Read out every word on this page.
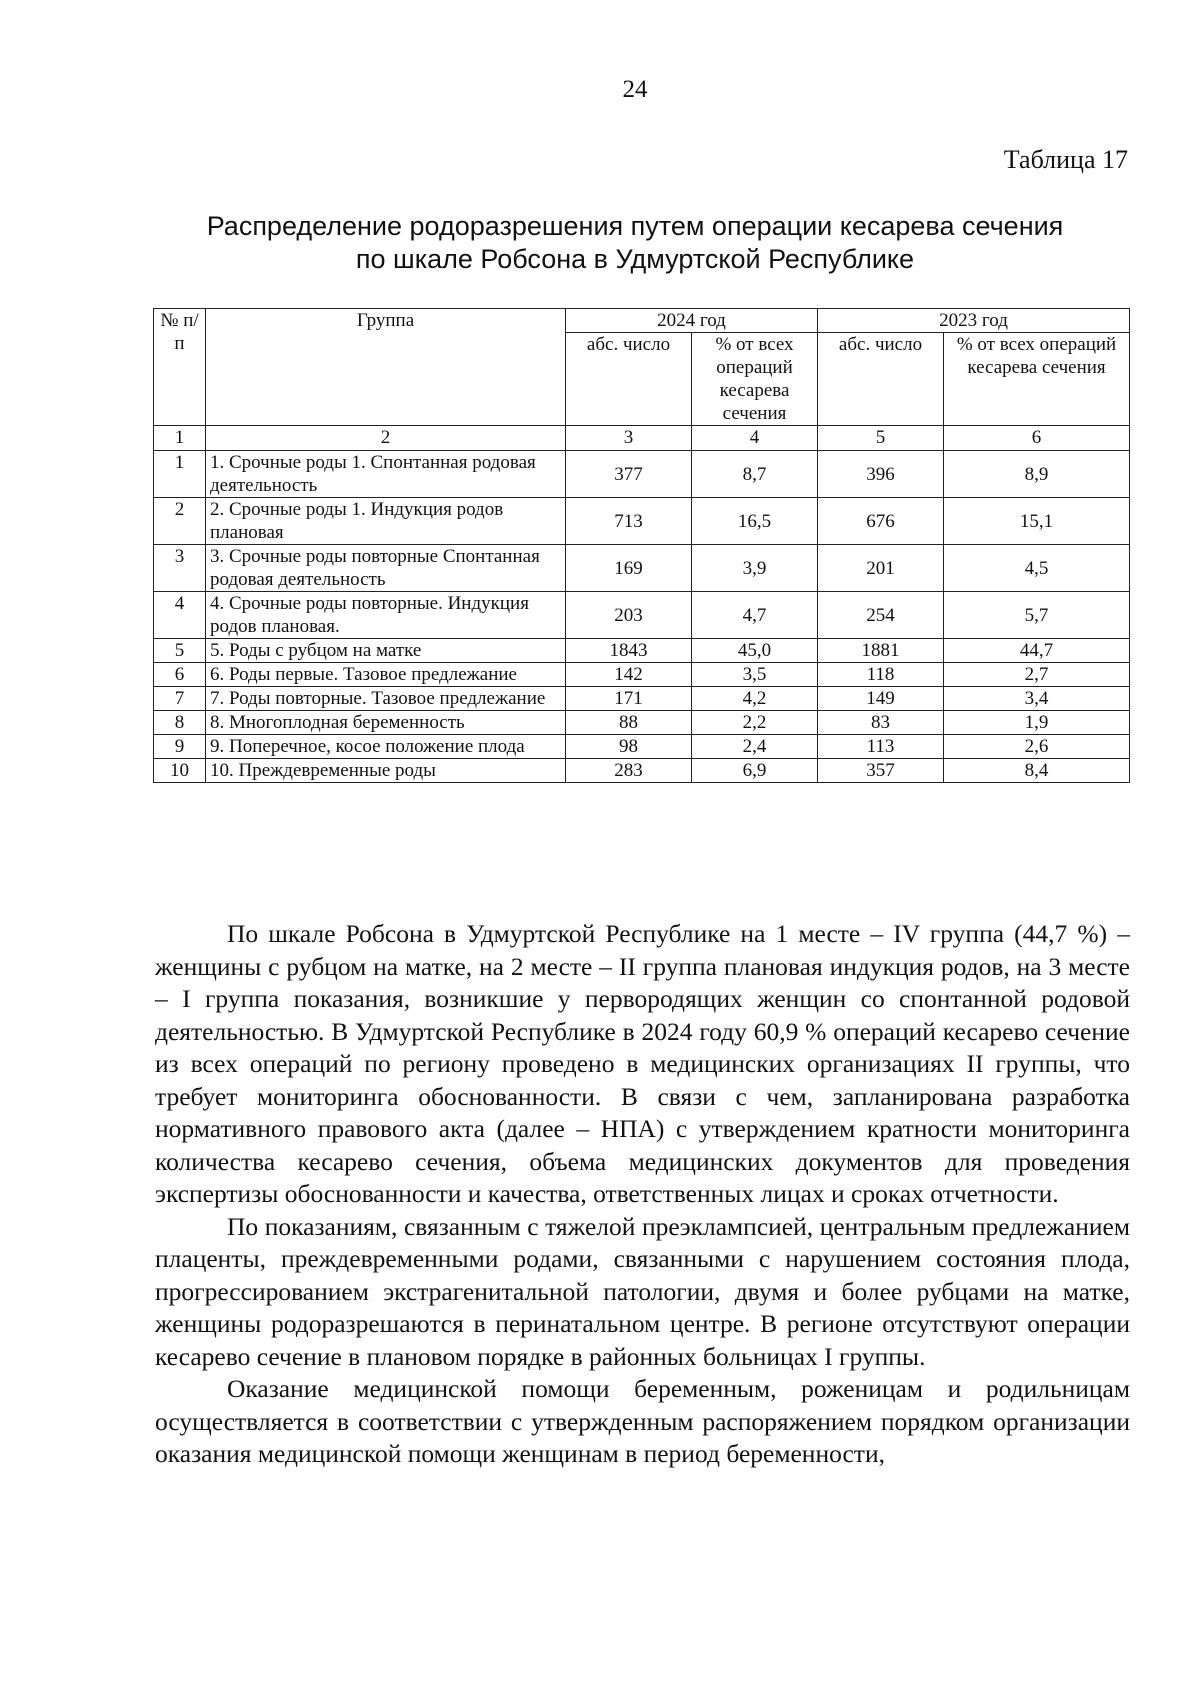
24
Таблица 17
Распределение родоразрешения путем операции кесарева сечения
по шкале Робсона в Удмуртской Республике
№ п/п	Группа	2024 год		2023 год	
		абс. число	% от всех операций кесарева сечения	абс. число	% от всех операций кесарева сечения
1	2	3	4	5	6
1	1. Срочные роды 1. Спонтанная родовая деятельность	377	8,7	396	8,9
2	2. Срочные роды 1. Индукция родов плановая	713	16,5	676	15,1
3	3. Срочные роды повторные Спонтанная родовая деятельность	169	3,9	201	4,5
4	4. Срочные роды повторные. Индукция родов плановая.	203	4,7	254	5,7
5	5. Роды с рубцом на матке	1843	45,0	1881	44,7
6	6. Роды первые. Тазовое предлежание	142	3,5	118	2,7
7	7. Роды повторные. Тазовое предлежание	171	4,2	149	3,4
8	8. Многоплодная беременность	88	2,2	83	1,9
9	9. Поперечное, косое положение плода	98	2,4	113	2,6
10	10. Преждевременные роды	283	6,9	357	8,4

По шкале Робсона в Удмуртской Республике на 1 месте – IV группа (44,7 %) – женщины с рубцом на матке, на 2 месте – II группа плановая индукция родов, на 3 месте – I группа показания, возникшие у первородящих женщин со спонтанной родовой деятельностью. В Удмуртской Республике в 2024 году 60,9 % операций кесарево сечение из всех операций по региону проведено в медицинских организациях II группы, что требует мониторинга обоснованности. В связи с чем, запланирована разработка нормативного правового акта (далее – НПА) с утверждением кратности мониторинга количества кесарево сечения, объема медицинских документов для проведения экспертизы обоснованности и качества, ответственных лицах и сроках отчетности.

По показаниям, связанным с тяжелой преэклампсией, центральным предлежанием плаценты, преждевременными родами, связанными с нарушением состояния плода, прогрессированием экстрагенитальной патологии, двумя и более рубцами на матке, женщины родоразрешаются в перинатальном центре. В регионе отсутствуют операции кесарево сечение в плановом порядке в районных больницах I группы.

Оказание медицинской помощи беременным, роженицам и родильницам осуществляется в соответствии с утвержденным распоряжением порядком организации оказания медицинской помощи женщинам в период беременности,
